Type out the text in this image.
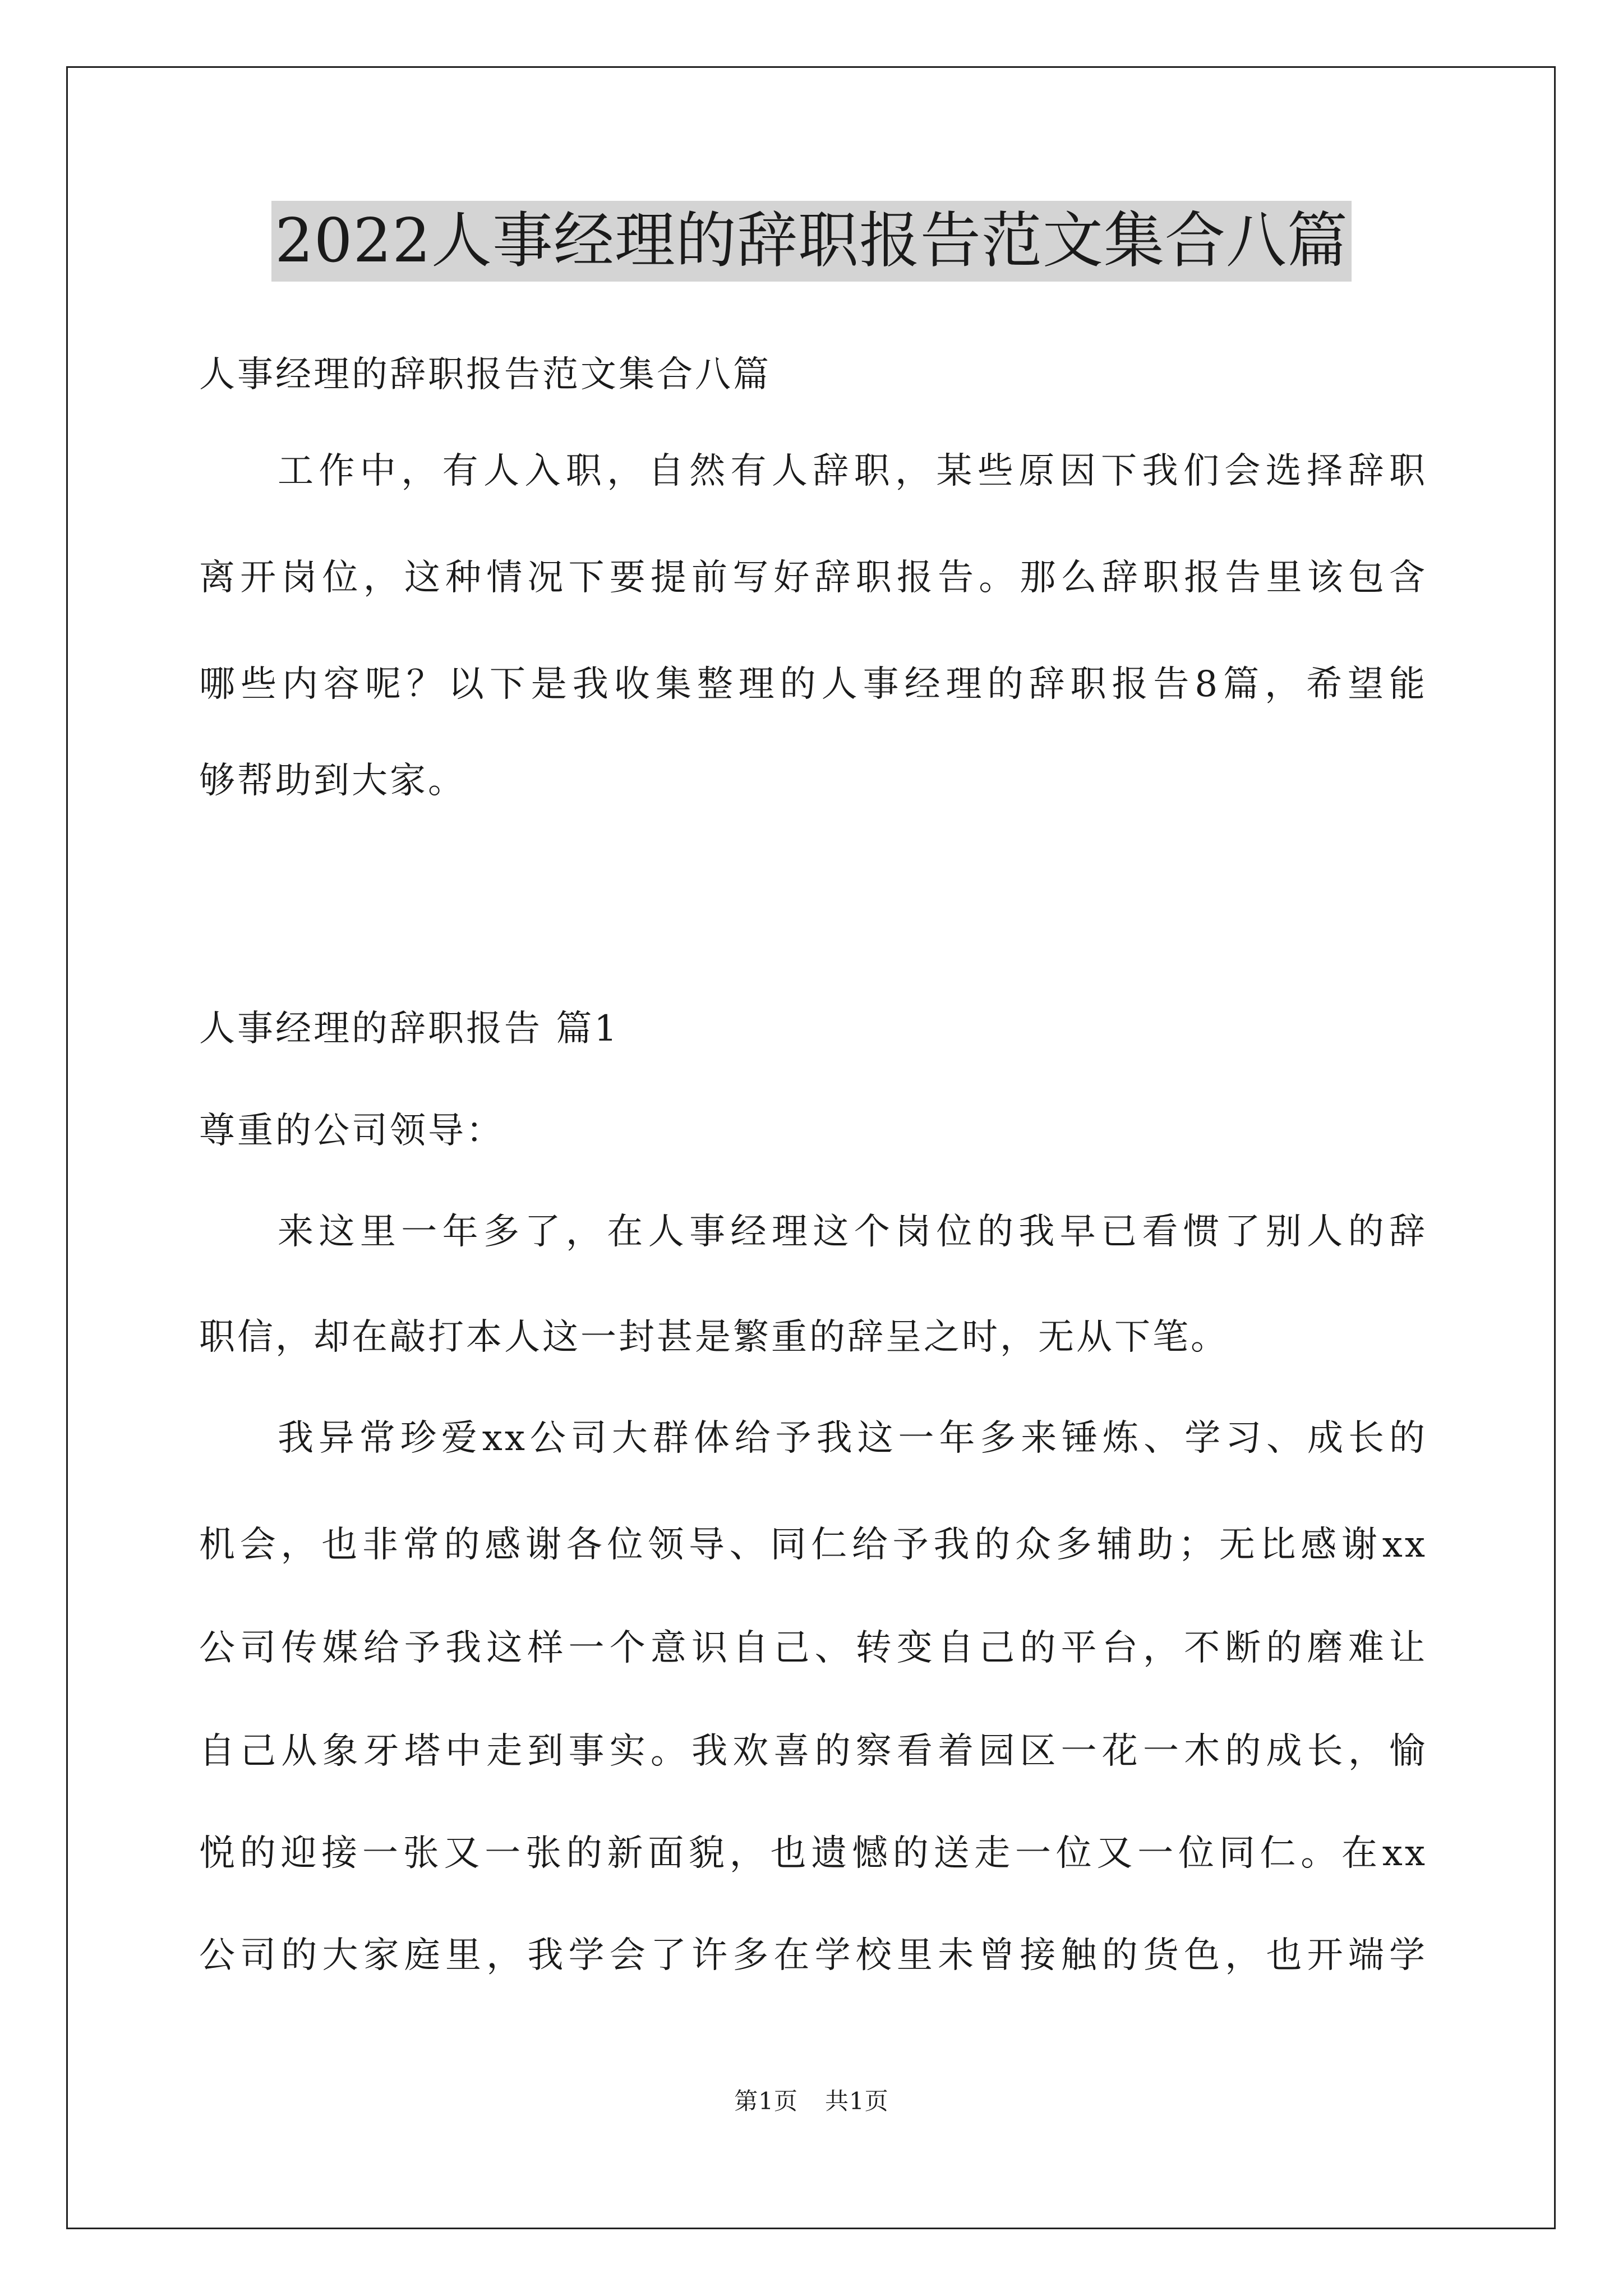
2022人事经理的辞职报告范文集合八篇
人事经理的辞职报告范文集合八篇
工作中，有人入职，自然有人辞职，某些原因下我们会选择辞职
离开岗位，这种情况下要提前写好辞职报告。那么辞职报告里该包含
哪些内容呢？以下是我收集整理的人事经理的辞职报告8篇，希望能
够帮助到大家。
人事经理的辞职报告 篇1
尊重的公司领导：
来这里一年多了，在人事经理这个岗位的我早已看惯了别人的辞
职信，却在敲打本人这一封甚是繁重的辞呈之时，无从下笔。
我异常珍爱xx公司大群体给予我这一年多来锤炼、学习、成长的
机会，也非常的感谢各位领导、同仁给予我的众多辅助；无比感谢xx
公司传媒给予我这样一个意识自己、转变自己的平台，不断的磨难让
自己从象牙塔中走到事实。我欢喜的察看着园区一花一木的成长，愉
悦的迎接一张又一张的新面貌，也遗憾的送走一位又一位同仁。在xx
公司的大家庭里，我学会了许多在学校里未曾接触的货色，也开端学
第1页 共1页
